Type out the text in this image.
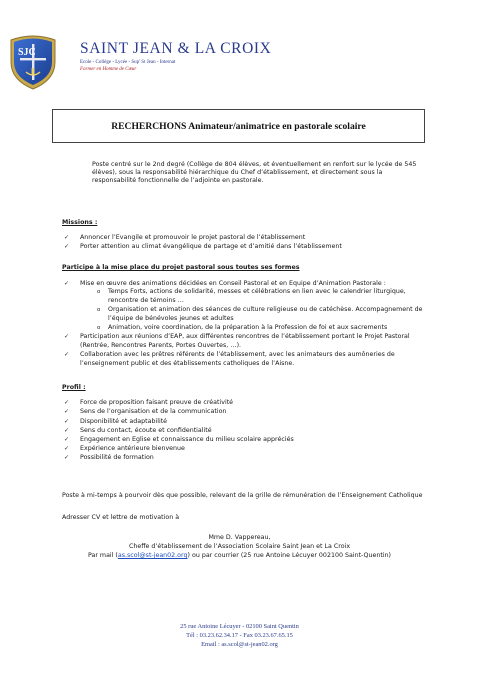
SJC	SAINT JEAN & LA CROIX
Ecole - Collège - Lycée - Sup' St Jean - Internat
Former en Homme de Cœur
RECHERCHONS Animateur/animatrice en pastorale scolaire
Poste centré sur le 2nd degré (Collège de 804 élèves, et éventuellement en renfort sur le lycée de 545
élèves), sous la responsabilité hiérarchique du Chef d’établissement, et directement sous la
responsabilité fonctionnelle de l’adjointe en pastorale.
Missions :
✓ Annoncer l’Evangile et promouvoir le projet pastoral de l’établissement
✓ Porter attention au climat évangélique de partage et d’amitié dans l’établissement
Participe à la mise place du projet pastoral sous toutes ses formes
✓ Mise en œuvre des animations décidées en Conseil Pastoral et en Equipe d’Animation Pastorale :
o Temps Forts, actions de solidarité, messes et célébrations en lien avec le calendrier liturgique,
rencontre de témoins …
o Organisation et animation des séances de culture religieuse ou de catéchèse. Accompagnement de
l’équipe de bénévoles jeunes et adultes
o Animation, voire coordination, de la préparation à la Profession de foi et aux sacrements
✓ Participation aux réunions d’EAP, aux différentes rencontres de l’établissement portant le Projet Pastoral
(Rentrée, Rencontres Parents, Portes Ouvertes, …).
✓ Collaboration avec les prêtres référents de l’établissement, avec les animateurs des aumôneries de
l’enseignement public et des établissements catholiques de l’Aisne.
Profil :
✓ Force de proposition faisant preuve de créativité
✓ Sens de l’organisation et de la communication
✓ Disponibilité et adaptabilité
✓ Sens du contact, écoute et confidentialité
✓ Engagement en Eglise et connaissance du milieu scolaire appréciés
✓ Expérience antérieure bienvenue
✓ Possibilité de formation
Poste à mi-temps à pourvoir dès que possible, relevant de la grille de rémunération de l’Enseignement Catholique
Adresser CV et lettre de motivation à
Mme D. Vappereau,
Cheffe d’établissement de l’Association Scolaire Saint Jean et La Croix
Par mail (as.scol@st-jean02.org) ou par courrier (25 rue Antoine Lécuyer 002100 Saint-Quentin)
25 rue Antoine Lécuyer - 02100 Saint Quentin
Tél : 03.23.62.34.17 - Fax 03.23.67.65.15
Email : as.scol@st-jean02.org
